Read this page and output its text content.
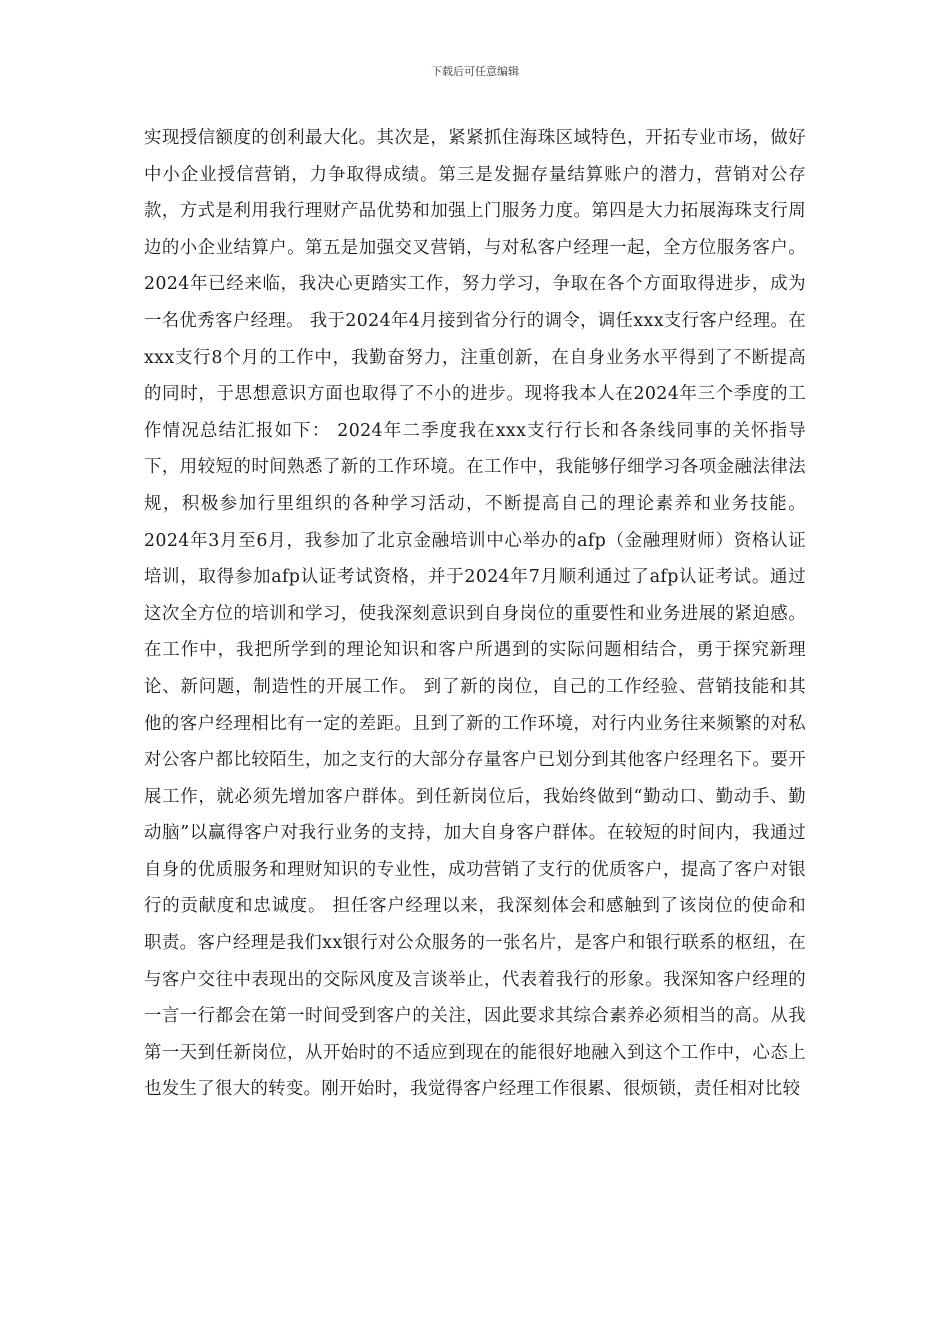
下载后可任意编辑

实现授信额度的创利最大化。其次是，紧紧抓住海珠区域特色，开拓专业市场，做好中小企业授信营销，力争取得成绩。第三是发掘存量结算账户的潜力，营销对公存款，方式是利用我行理财产品优势和加强上门服务力度。第四是大力拓展海珠支行周边的小企业结算户。第五是加强交叉营销，与对私客户经理一起，全方位服务客户。 2024年已经来临，我决心更踏实工作，努力学习，争取在各个方面取得进步，成为一名优秀客户经理。 我于2024年4月接到省分行的调令，调任xxx支行客户经理。在xxx支行8个月的工作中，我勤奋努力，注重创新，在自身业务水平得到了不断提高的同时，于思想意识方面也取得了不小的进步。现将我本人在2024年三个季度的工作情况总结汇报如下： 2024年二季度我在xxx支行行长和各条线同事的关怀指导下，用较短的时间熟悉了新的工作环境。在工作中，我能够仔细学习各项金融法律法规，积极参加行里组织的各种学习活动，不断提高自己的理论素养和业务技能。2024年3月至6月，我参加了北京金融培训中心举办的afp（金融理财师）资格认证培训，取得参加afp认证考试资格，并于2024年7月顺利通过了afp认证考试。通过这次全方位的培训和学习，使我深刻意识到自身岗位的重要性和业务进展的紧迫感。在工作中，我把所学到的理论知识和客户所遇到的实际问题相结合，勇于探究新理论、新问题，制造性的开展工作。 到了新的岗位，自己的工作经验、营销技能和其他的客户经理相比有一定的差距。且到了新的工作环境，对行内业务往来频繁的对私对公客户都比较陌生，加之支行的大部分存量客户已划分到其他客户经理名下。要开展工作，就必须先增加客户群体。到任新岗位后，我始终做到“勤动口、勤动手、勤动脑”以赢得客户对我行业务的支持，加大自身客户群体。在较短的时间内，我通过自身的优质服务和理财知识的专业性，成功营销了支行的优质客户，提高了客户对银行的贡献度和忠诚度。 担任客户经理以来，我深刻体会和感触到了该岗位的使命和职责。客户经理是我们xx银行对公众服务的一张名片，是客户和银行联系的枢纽，在与客户交往中表现出的交际风度及言谈举止，代表着我行的形象。我深知客户经理的一言一行都会在第一时间受到客户的关注，因此要求其综合素养必须相当的高。从我第一天到任新岗位，从开始时的不适应到现在的能很好地融入到这个工作中，心态上也发生了很大的转变。刚开始时，我觉得客户经理工作很累、很烦锁，责任相对比较
